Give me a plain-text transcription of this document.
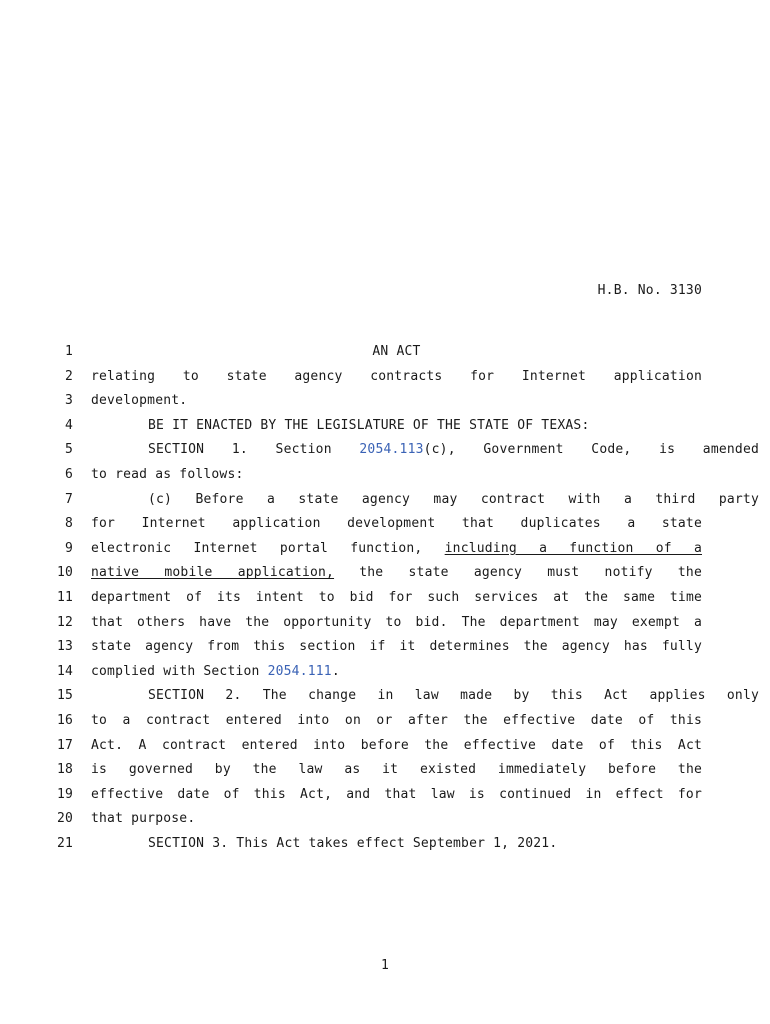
H.B. No. 3130
1	AN ACT
2 relating to state agency contracts for Internet application
3 development.
4	BE IT ENACTED BY THE LEGISLATURE OF THE STATE OF TEXAS:
5	SECTION 1. Section 2054.113(c), Government Code, is amended
6 to read as follows:
7	(c) Before a state agency may contract with a third party
8 for Internet application development that duplicates a state
9 electronic Internet portal function, including a function of a
10 native mobile application, the state agency must notify the
11 department of its intent to bid for such services at the same time
12 that others have the opportunity to bid. The department may exempt a
13 state agency from this section if it determines the agency has fully
14 complied with Section 2054.111.
15	SECTION 2. The change in law made by this Act applies only
16 to a contract entered into on or after the effective date of this
17 Act. A contract entered into before the effective date of this Act
18 is governed by the law as it existed immediately before the
19 effective date of this Act, and that law is continued in effect for
20 that purpose.
21	SECTION 3. This Act takes effect September 1, 2021.
1
